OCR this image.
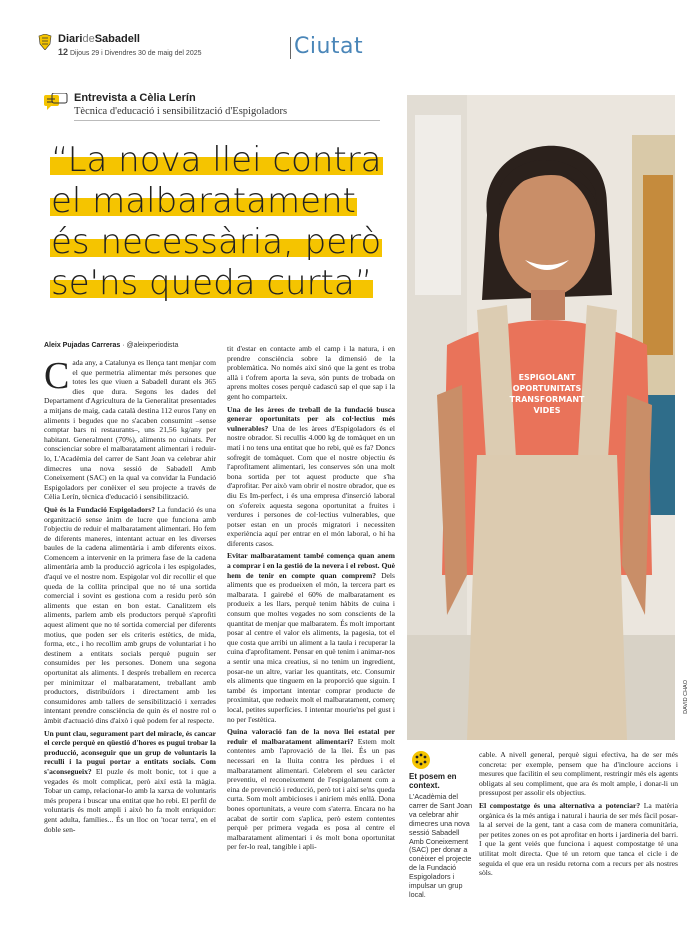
DiarideSabadell
12 Dijous 29 i Divendres 30 de maig del 2025	Ciutat
Entrevista a Cèlia Lerín
Tècnica d'educació i sensibilització d'Espigoladors
“La nova llei contra
el malbaratament
és necessària, però
se'ns queda curta”
ESPIGOLANT
OPORTUNITATS
TRANSFORMANT
VIDES
DAVID CHAO
Aleix Pujadas Carreras · @aleixperiodista

Cada any, a Catalunya es llença tant menjar com el que permetria alimentar més persones que totes les que viuen a Sabadell durant els 365 dies que dura. Segons les dades del Departament d'Agricultura de la Generalitat presentades a mitjans de maig, cada català destina 112 euros l'any en aliments i begudes que no s'acaben consumint –sense comptar bars ni restaurants–, uns 21,56 kg/any per habitant. Generalment (70%), aliments no cuinats. Per conscienciar sobre el malbaratament alimentari i reduir-lo, L'Acadèmia del carrer de Sant Joan va celebrar ahir dimecres una nova sessió de Sabadell Amb Coneixement (SAC) en la qual va convidar la Fundació Espigoladors per conèixer el seu projecte a través de Cèlia Lerín, tècnica d'educació i sensibilització.

Què és la Fundació Espigoladors? La fundació és una organització sense ànim de lucre que funciona amb l'objectiu de reduir el malbaratament alimentari. Ho fem de diferents maneres, intentant actuar en les diverses baules de la cadena alimentària i amb diferents eixos. Comencem a intervenir en la primera fase de la cadena alimentària amb la producció agrícola i les espigolades, d'aquí ve el nostre nom. Espigolar vol dir recollir el que queda de la collita principal que no té una sortida comercial i sovint es gestiona com a residu però són aliments que estan en bon estat. Canalitzem els aliments, parlem amb els productors perquè s'aprofiti aquest aliment que no té sortida comercial per diferents motius, que poden ser els criteris estètics, de mida, forma, etc., i ho recollim amb grups de voluntariat i ho destinem a entitats socials perquè puguin ser consumides per les persones. Donem una segona oportunitat als aliments. I després treballem en recerca per minimitzar el malbaratament, treballant amb productors, distribuïdors i directament amb les consumidores amb tallers de sensibilització i xerrades intentant prendre consciència de quin és el nostre rol o àmbit d'actuació dins d'això i què podem fer al respecte.

Un punt clau, segurament part del miracle, és cancar el cercle perquè en qüestió d'hores es pugui trobar la producció, aconseguir que un grup de voluntaris la reculli i la pugui portar a entitats socials. Com s'aconsegueix? El puzle és molt bonic, tot i que a vegades és molt complicat, però així està la màgia. Tobar un camp, relacionar-lo amb la xarxa de voluntaris més propera i buscar una entitat que ho rebi. El perfil de voluntaris és molt ampli i això ho fa molt enriquidor: gent adulta, famílies... És un lloc on 'tocar terra', en el doble sen-

tit d'estar en contacte amb el camp i la natura, i en prendre consciència sobre la dimensió de la problemàtica. No només així sinó que la gent es troba allà i t'ofrem aporta la seva, són punts de trobada on aprens moltes coses perquè cadascú sap el que sap i la gent ho comparteix.

Una de les àrees de treball de la fundació busca generar oportunitats per als col·lectius més vulnerables? Una de les àrees d'Espigoladors és el nostre obrador. Si recullis 4.000 kg de tomàquet en un matí i no tens una entitat que ho rebi, què es fa? Doncs sofregit de tomàquet. Com que el nostre objectiu és l'aprofitament alimentari, les conserves són una molt bona sortida per tot aquest producte que s'ha d'aprofitar. Per això vam obrir el nostre obrador, que es diu Es Im-perfect, i és una empresa d'inserció laboral on s'ofereix aquesta segona oportunitat a fruites i verdures i persones de col·lectius vulnerables, que potser estan en un procés migratori i necessiten experiència aquí per entrar en el món laboral, o hi ha diferents casos.

Evitar malbaratament també comença quan anem a comprar i en la gestió de la nevera i el rebost. Què hem de tenir en compte quan comprem? Dels aliments que es produeixen el món, la tercera part es malbarata. I gairebé el 60% de malbaratament es produeix a les llars, perquè tenim hàbits de cuina i consum que moltes vegades no som conscients de la quantitat de menjar que malbaratem. És molt important posar al centre el valor els aliments, la pagesia, tot el que costa que arribi un aliment a la taula i recuperar la cuina d'aprofitament. Pensar en què tenim i animar-nos a sentir una mica creatius, si no tenim un ingredient, posar-ne un altre, variar les quantitats, etc. Consumir els aliments que tinguem en la proporció que siguin. I també és important intentar comprar producte de proximitat, que redueix molt el malbaratament, comerç local, petites superfícies. I intentar mourie'ns pel gust i no per l'estètica.

Quina valoració fan de la nova llei estatal per reduir el malbaratament alimentari? Estem molt contentes amb l'aprovació de la llei. És un pas necessari en la lluita contra les pèrdues i el malbaratament alimentari. Celebrem el seu caràcter preventiu, el reconeixement de l'espigolament com a eina de prevenció i reducció, però tot i així se'ns queda curta. Som molt ambicioses i aniríem més enllà. Dona bones oportunitats, a veure com s'aterra. Encara no ha acabat de sortir com s'aplica, però estem contentes perquè per primera vegada es posa al centre el malbaratament alimentari i és molt bona oportunitat per fer-lo real, tangible i apli-

Et posem en context.
L'Acadèmia del carrer de Sant Joan va celebrar ahir dimecres una nova sessió Sabadell Amb Coneixement (SAC) per donar a conèixer el projecte de la Fundació Espigoladors i impulsar un grup local.

cable. A nivell general, perquè sigui efectiva, ha de ser més concreta: per exemple, pensem que ha d'incloure accions i mesures que facilitin el seu compliment, restringir més els agents obligats al seu compliment, que ara és molt ample, i donar-li un pressupost per assolir els objectius.

El compostatge és una alternativa a potenciar? La matèria orgànica és la més antiga i natural i hauria de ser més fàcil posar-la al servei de la gent, tant a casa com de manera comunitària, per petites zones on es pot aprofitar en horts i jardineria del barri. I que la gent veiés que funciona i aquest compostatge té una utilitat molt directa. Que té un retorn que tanca el cicle i de seguida el que era un residu retorna com a recurs per als nostres sòls.
